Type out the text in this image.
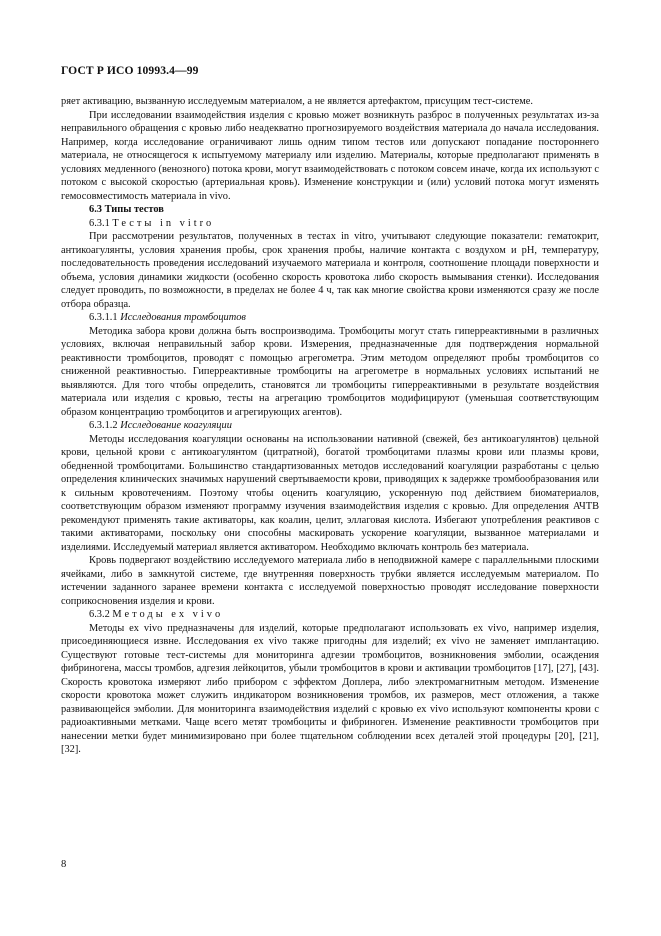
ГОСТ Р ИСО 10993.4—99

ряет активацию, вызванную исследуемым материалом, а не является артефактом, присущим тест-системе.

При исследовании взаимодействия изделия с кровью может возникнуть разброс в полученных результатах из-за неправильного обращения с кровью либо неадекватно прогнозируемого воздействия материала до начала исследования. Например, когда исследование ограничивают лишь одним типом тестов или допускают попадание постороннего материала, не относящегося к испытуемому материалу или изделию. Материалы, которые предполагают применять в условиях медленного (венозного) потока крови, могут взаимодействовать с потоком совсем иначе, когда их используют с потоком с высокой скоростью (артериальная кровь). Изменение конструкции и (или) условий потока могут изменять гемосовместимость материала in vivo.

6.3 Типы тестов

6.3.1 Тесты in vitro

При рассмотрении результатов, полученных в тестах in vitro, учитывают следующие показатели: гематокрит, антикоагулянты, условия хранения пробы, срок хранения пробы, наличие контакта с воздухом и рН, температуру, последовательность проведения исследований изучаемого материала и контроля, соотношение площади поверхности и объема, условия динамики жидкости (особенно скорость кровотока либо скорость вымывания стенки). Исследования следует проводить, по возможности, в пределах не более 4 ч, так как многие свойства крови изменяются сразу же после отбора образца.

6.3.1.1 Исследования тромбоцитов

Методика забора крови должна быть воспроизводима. Тромбоциты могут стать гиперреактивными в различных условиях, включая неправильный забор крови. Измерения, предназначенные для подтверждения нормальной реактивности тромбоцитов, проводят с помощью агрегометра. Этим методом определяют пробы тромбоцитов со сниженной реактивностью. Гиперреактивные тромбоциты на агрегометре в нормальных условиях испытаний не выявляются. Для того чтобы определить, становятся ли тромбоциты гиперреактивными в результате воздействия материала или изделия с кровью, тесты на агрегацию тромбоцитов модифицируют (уменьшая соответствующим образом концентрацию тромбоцитов и агрегирующих агентов).

6.3.1.2 Исследование коагуляции

Методы исследования коагуляции основаны на использовании нативной (свежей, без антикоагулянтов) цельной крови, цельной крови с антикоагулянтом (цитратной), богатой тромбоцитами плазмы крови или плазмы крови, обедненной тромбоцитами. Большинство стандартизованных методов исследований коагуляции разработаны с целью определения клинических значимых нарушений свертываемости крови, приводящих к задержке тромбообразования или к сильным кровотечениям. Поэтому чтобы оценить коагуляцию, ускоренную под действием биоматериалов, соответствующим образом изменяют программу изучения взаимодействия изделия с кровью. Для определения АЧТВ рекомендуют применять такие активаторы, как коалин, целит, эллаговая кислота. Избегают употребления реактивов с такими активаторами, поскольку они способны маскировать ускорение коагуляции, вызванное материалами и изделиями. Исследуемый материал является активатором. Необходимо включать контроль без материала.

Кровь подвергают воздействию исследуемого материала либо в неподвижной камере с параллельными плоскими ячейками, либо в замкнутой системе, где внутренняя поверхность трубки является исследуемым материалом. По истечении заданного заранее времени контакта с исследуемой поверхностью проводят исследование поверхности соприкосновения изделия и крови.

6.3.2 Методы ex vivo

Методы ex vivo предназначены для изделий, которые предполагают использовать ex vivo, например изделия, присоединяющиеся извне. Исследования ex vivo также пригодны для изделий; ex vivo не заменяет имплантацию. Существуют готовые тест-системы для мониторинга адгезии тромбоцитов, возникновения эмболии, осаждения фибриногена, массы тромбов, адгезия лейкоцитов, убыли тромбоцитов в крови и активации тромбоцитов [17], [27], [43]. Скорость кровотока измеряют либо прибором с эффектом Доплера, либо электромагнитным методом. Изменение скорости кровотока может служить индикатором возникновения тромбов, их размеров, мест отложения, а также развивающейся эмболии. Для мониторинга взаимодействия изделий с кровью ex vivo используют компоненты крови с радиоактивными метками. Чаще всего метят тромбоциты и фибриноген. Изменение реактивности тромбоцитов при нанесении метки будет минимизировано при более тщательном соблюдении всех деталей этой процедуры [20], [21], [32].

8
